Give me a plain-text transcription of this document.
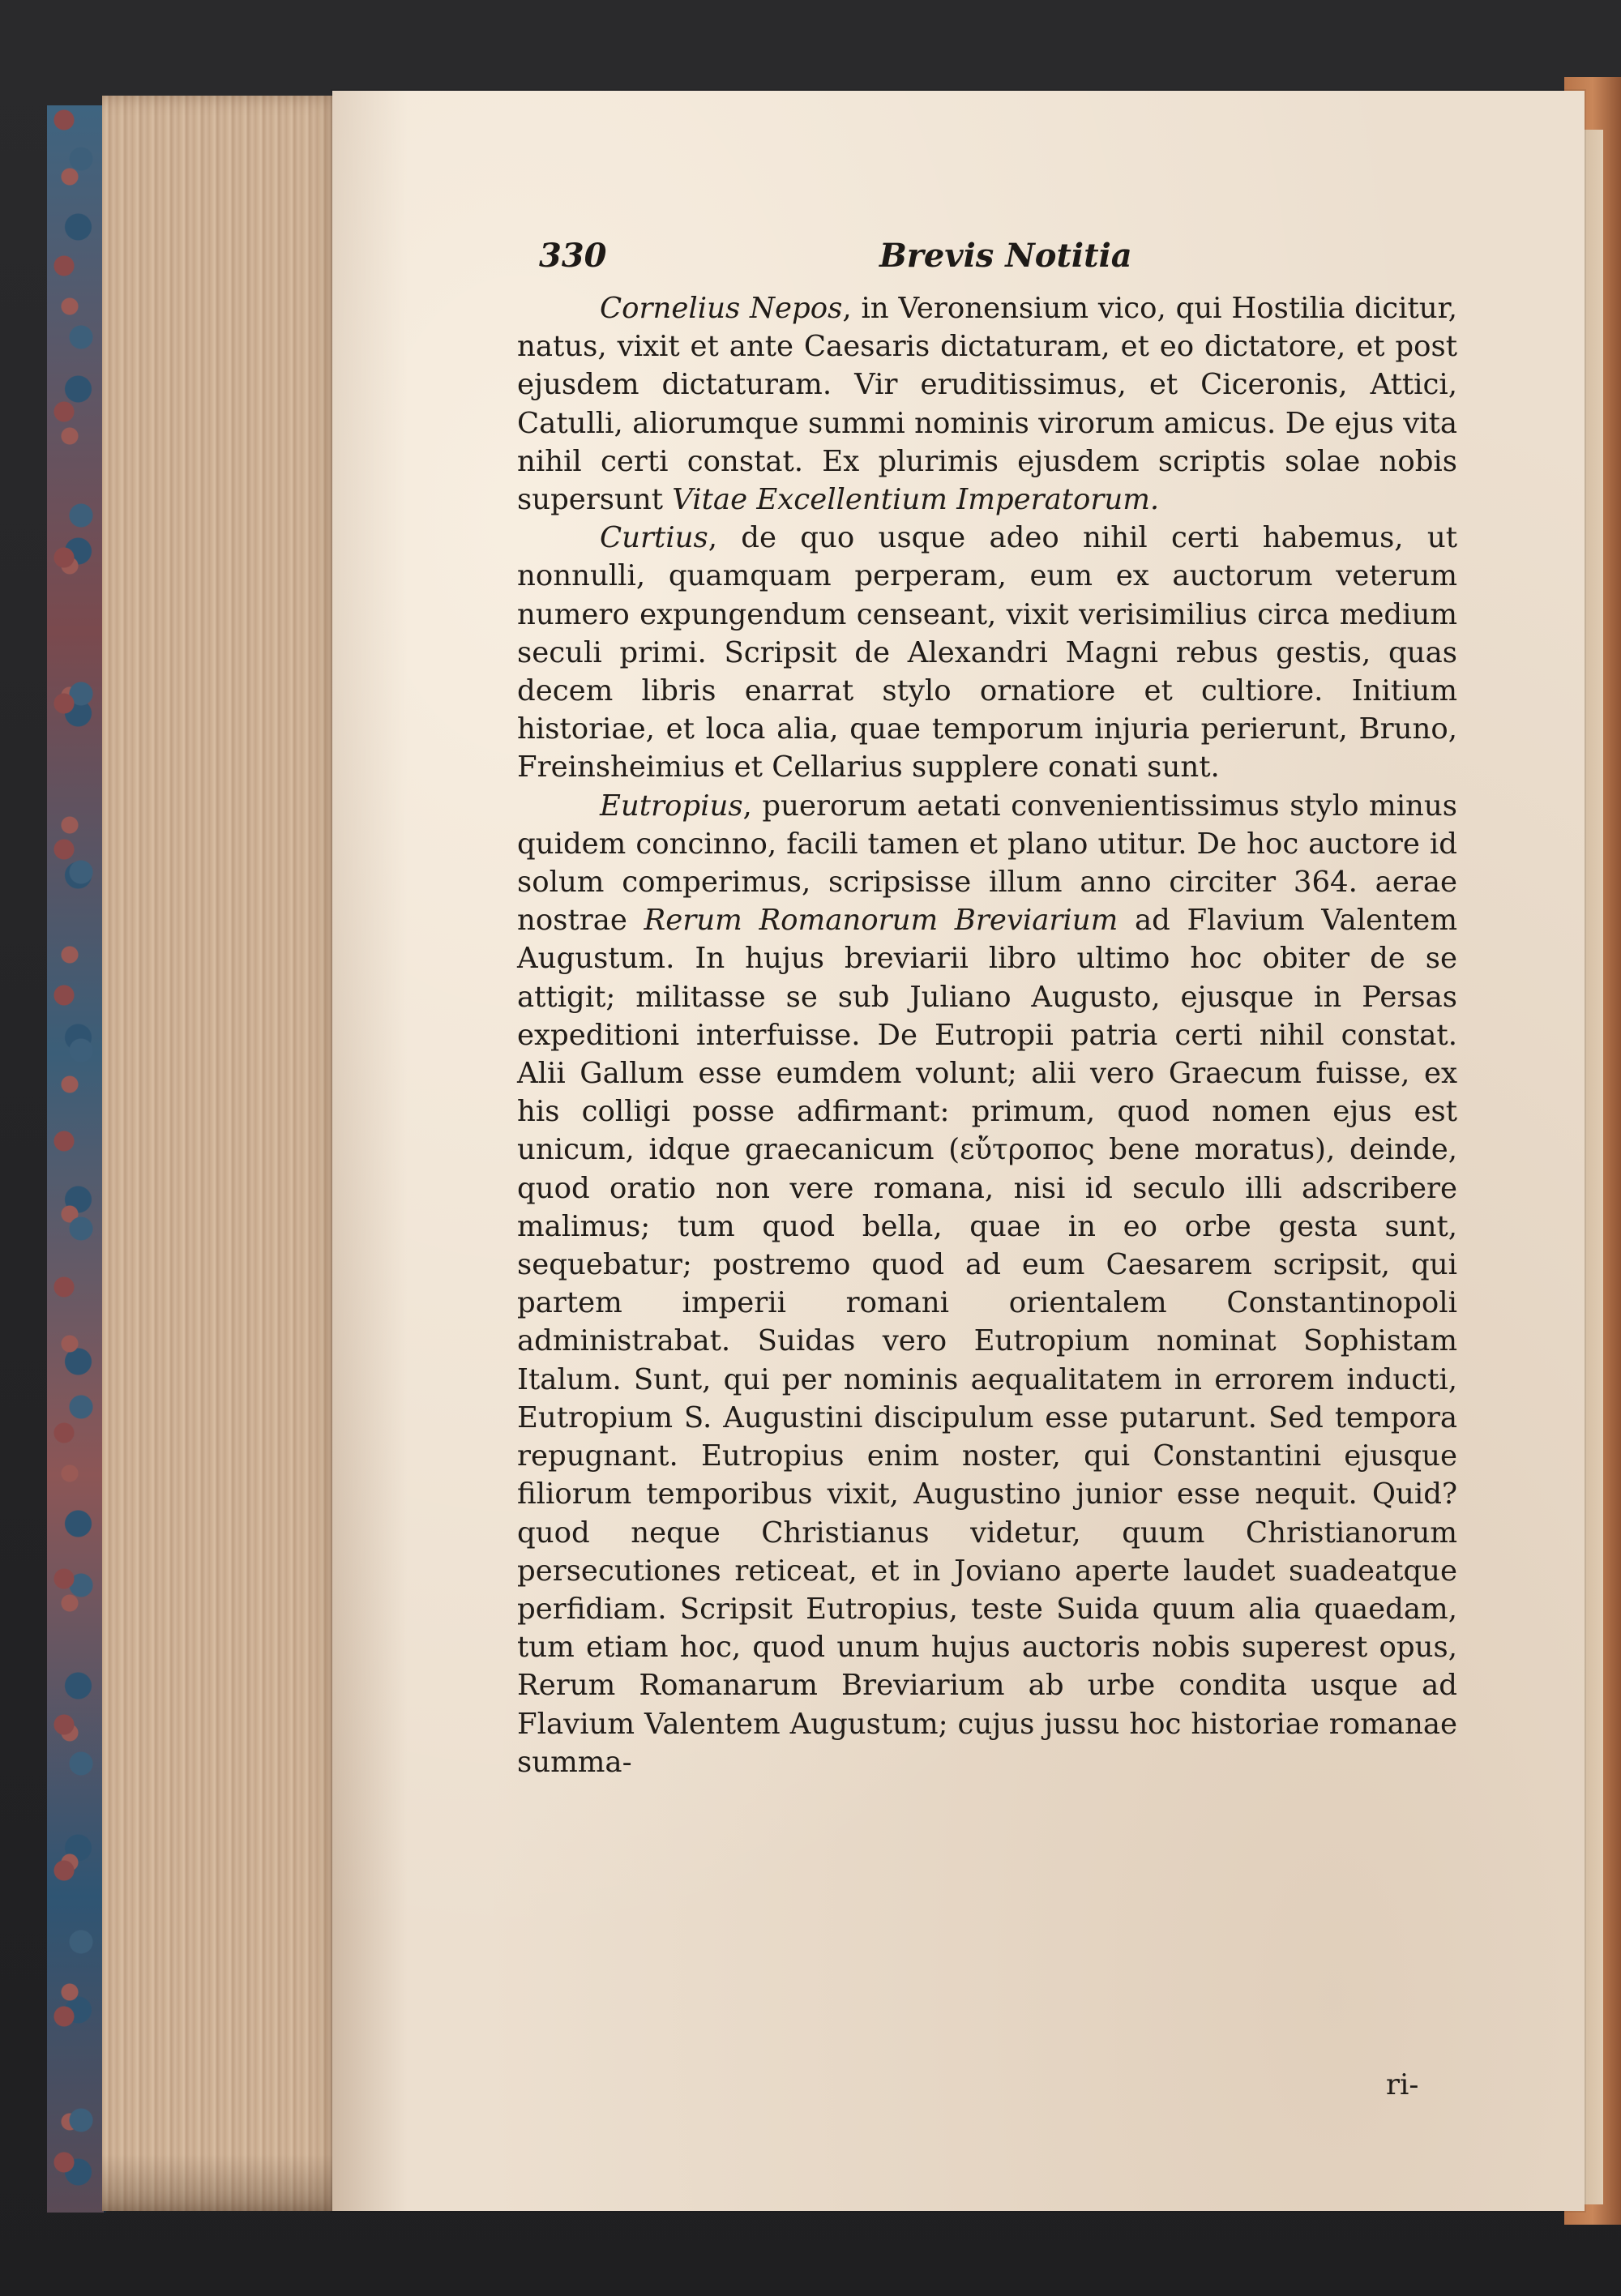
330	Brevis Notitia

Cornelius Nepos, in Veronensium vico, qui Hostilia dicitur, natus, vixit et ante Caesaris dictaturam, et eo dictatore, et post ejusdem dictaturam. Vir eruditissimus, et Ciceronis, Attici, Catulli, aliorumque summi nominis virorum amicus. De ejus vita nihil certi constat. Ex plurimis ejusdem scriptis solae nobis supersunt Vitae Excellentium Imperatorum.

Curtius, de quo usque adeo nihil certi habemus, ut nonnulli, quamquam perperam, eum ex auctorum veterum numero expungendum censeant, vixit verisimilius circa medium seculi primi. Scripsit de Alexandri Magni rebus gestis, quas decem libris enarrat stylo ornatiore et cultiore. Initium historiae, et loca alia, quae temporum injuria perierunt, Bruno, Freinsheimius et Cellarius supplere conati sunt.

Eutropius, puerorum aetati convenientissimus stylo minus quidem concinno, facili tamen et plano utitur. De hoc auctore id solum comperimus, scripsisse illum anno circiter 364. aerae nostrae Rerum Romanorum Breviarium ad Flavium Valentem Augustum. In hujus breviarii libro ultimo hoc obiter de se attigit; militasse se sub Juliano Augusto, ejusque in Persas expeditioni interfuisse. De Eutropii patria certi nihil constat. Alii Gallum esse eumdem volunt; alii vero Graecum fuisse, ex his colligi posse adfirmant: primum, quod nomen ejus est unicum, idque graecanicum (εὔτροπος bene moratus), deinde, quod oratio non vere romana, nisi id seculo illi adscribere malimus; tum quod bella, quae in eo orbe gesta sunt, sequebatur; postremo quod ad eum Caesarem scripsit, qui partem imperii romani orientalem Constantinopoli administrabat. Suidas vero Eutropium nominat Sophistam Italum. Sunt, qui per nominis aequalitatem in errorem inducti, Eutropium S. Augustini discipulum esse putarunt. Sed tempora repugnant. Eutropius enim noster, qui Constantini ejusque filiorum temporibus vixit, Augustino junior esse nequit. Quid? quod neque Christianus videtur, quum Christianorum persecutiones reticeat, et in Joviano aperte laudet suadeatque perfidiam. Scripsit Eutropius, teste Suida quum alia quaedam, tum etiam hoc, quod unum hujus auctoris nobis superest opus, Rerum Romanarum Breviarium ab urbe condita usque ad Flavium Valentem Augustum; cujus jussu hoc historiae romanae summa-

ri-
